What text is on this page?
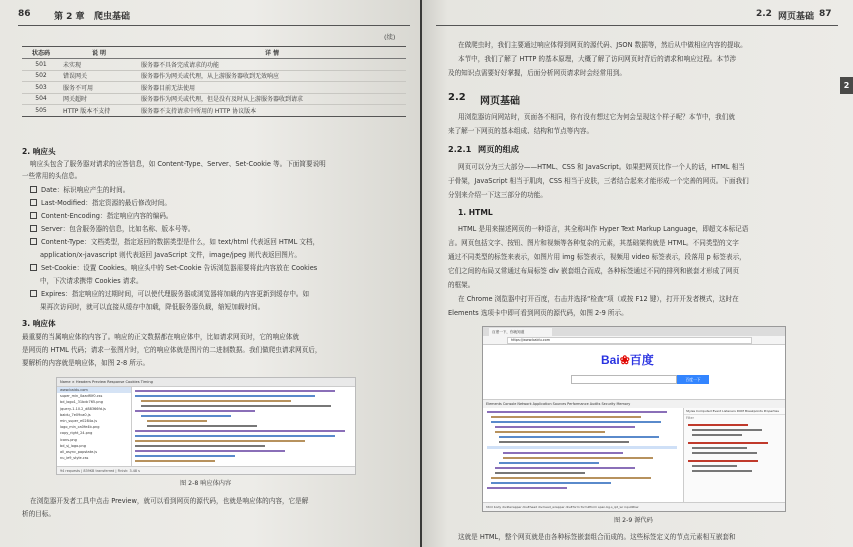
86	第 2 章 爬虫基础
(续)
状态码	说 明	详 情
501	未实现	服务器不具备完成请求的功能
502	错误网关	服务器作为网关或代理，从上游服务器收到无效响应
503	服务不可用	服务器目前无法使用
504	网关超时	服务器作为网关或代理，但是没有及时从上游服务器收到请求
505	HTTP 版本不支持	服务器不支持请求中所用的 HTTP 协议版本
2. 响应头
响应头包含了服务器对请求的应答信息，如 Content-Type、Server、Set-Cookie 等。下面简要说明
一些常用的头信息。
Date：标识响应产生的时间。
Last-Modified：指定资源的最后修改时间。
Content-Encoding：指定响应内容的编码。
Server：包含服务器的信息，比如名称、版本号等。
Content-Type：文档类型，指定返回的数据类型是什么，如 text/html 代表返回 HTML 文档，
application/x-javascript 则代表返回 JavaScript 文件，image/jpeg 则代表返回图片。
Set-Cookie：设置 Cookies。响应头中的 Set-Cookie 告诉浏览器需要将此内容放在 Cookies
中，下次请求携带 Cookies 请求。
Expires：指定响应的过期时间，可以使代理服务器或浏览器将加载的内容更新到缓存中。如
果再次访问时，就可以直接从缓存中加载，降低服务器负载，缩短加载时间。
3. 响应体
最重要的当属响应体的内容了。响应的正文数据都在响应体中，比如请求网页时，它的响应体就
是网页的 HTML 代码；请求一张图片时，它的响应体就是图片的二进制数据。我们做爬虫请求网页后，
要解析的内容就是响应体，如图 2-8 所示。
Name × Headers Preview Response Cookies Timing
www.baidu.com
super_min_0aadf0f0.css
bd_logo1_31bdc765.png
jquery-1.10.2_d88366fd.js
baidu_7e09ca0.js
min_super_e0284a.js
logo_min_ca0fe4b.png
copy_right_24.png
icons.png
bd_sj_logo.png
all_async_popstate.js
nu_ie9_style.css
94 requests | 839KB transferred | Finish: 3.48 s
图 2-8 响应体内容
在浏览器开发者工具中点击 Preview，就可以看到网页的源代码，也就是响应体的内容，它是解
析的目标。
2.2 网页基础 87
2
在做爬虫时，我们主要通过响应体得到网页的源代码、JSON 数据等，然后从中做相应内容的提取。
本节中，我们了解了 HTTP 的基本原理，大概了解了访问网页时背后的请求和响应过程。本节涉
及的知识点需要好好掌握，后面分析网页请求时会经常用到。
2.2 网页基础
用浏览器访问网站时，页面各不相同，你有没有想过它为何会呈现这个样子呢？本节中，我们就
来了解一下网页的基本组成、结构和节点等内容。
2.2.1 网页的组成
网页可以分为三大部分——HTML、CSS 和 JavaScript。如果把网页比作一个人的话，HTML 相当
于骨架，JavaScript 相当于肌肉，CSS 相当于皮肤，三者结合起来才能形成一个完善的网页。下面我们
分别来介绍一下这三部分的功能。
1. HTML
HTML 是用来描述网页的一种语言，其全称叫作 Hyper Text Markup Language，即超文本标记语
言。网页包括文字、按钮、图片和视频等各种复杂的元素，其基础架构就是 HTML。不同类型的文字
通过不同类型的标签来表示，如图片用 img 标签表示，视频用 video 标签表示，段落用 p 标签表示，
它们之间的布局又常通过布局标签 div 嵌套组合而成，各种标签通过不同的排列和嵌套才形成了网页
的框架。
在 Chrome 浏览器中打开百度，右击并选择“检查”项（或按 F12 键），打开开发者模式，这时在
Elements 选项卡中即可看到网页的源代码，如图 2-9 所示。
百度一下，你就知道
https://www.baidu.com
Bai❀百度
百度一下
Elements Console Network Application Sources Performance Audits Security Memory
Styles Computed Event Listeners DOM Breakpoints Properties
Filter
html body div#wrapper div#head div.head_wrapper div#form form#form span.bg.s_ipt_wr input#kw
图 2-9 源代码
这就是 HTML，整个网页就是由各种标签嵌套组合而成的。这些标签定义的节点元素相互嵌套和
